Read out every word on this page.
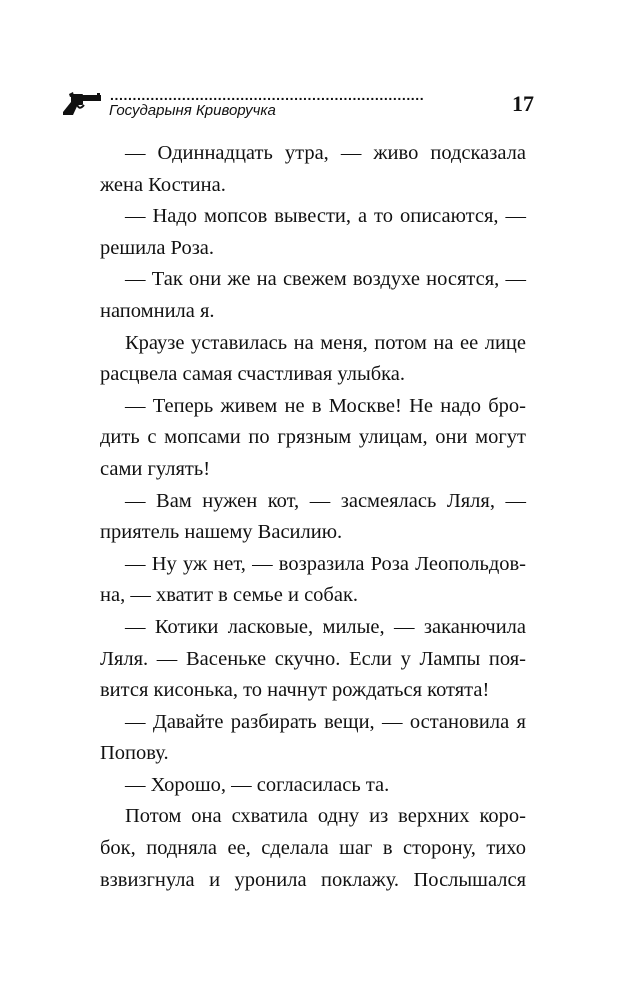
......................................................................
Государыня Криворучка	17
— Одиннадцать утра, — живо подсказала
жена Костина.
— Надо мопсов вывести, а то описаются, —
решила Роза.
— Так они же на свежем воздухе носятся, —
напомнила я.
Краузе уставилась на меня, потом на ее лице
расцвела самая счастливая улыбка.
— Теперь живем не в Москве! Не надо бро-
дить с мопсами по грязным улицам, они могут
сами гулять!
— Вам нужен кот, — засмеялась Ляля, —
приятель нашему Василию.
— Ну уж нет, — возразила Роза Леопольдов-
на, — хватит в семье и собак.
— Котики ласковые, милые, — заканючила
Ляля. — Васеньке скучно. Если у Лампы поя-
вится кисонька, то начнут рождаться котята!
— Давайте разбирать вещи, — остановила я
Попову.
— Хорошо, — согласилась та.
Потом она схватила одну из верхних коро-
бок, подняла ее, сделала шаг в сторону, тихо
взвизгнула и уронила поклажу. Послышался
